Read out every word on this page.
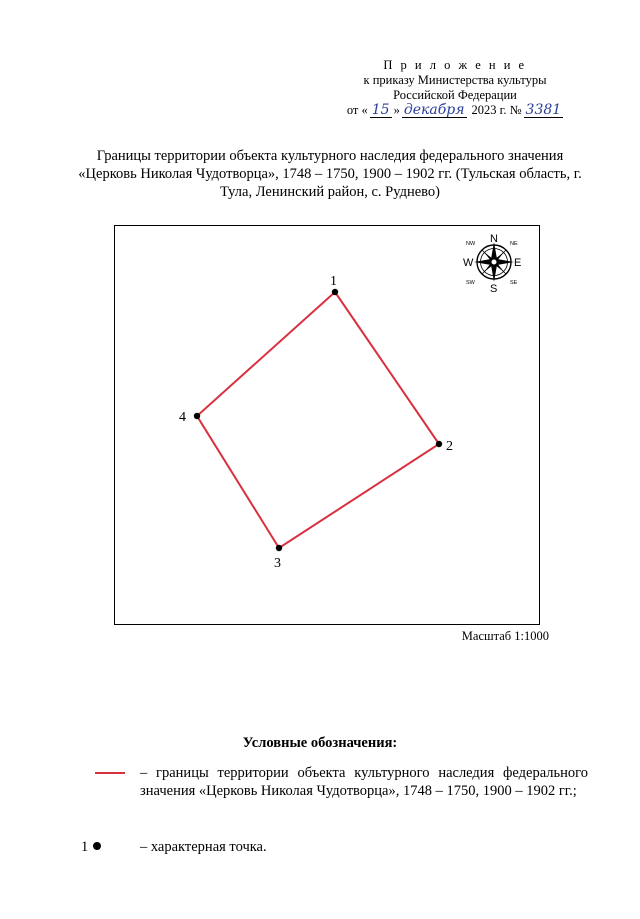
П р и л о ж е н и е
к приказу Министерства культуры
Российской Федерации
от « 15 » декабря 2023 г. № 3381
Границы территории объекта культурного наследия федерального значения «Церковь Николая Чудотворца», 1748 – 1750, 1900 – 1902 гг. (Тульская область, г. Тула, Ленинский район, с. Руднево)
1
2
3
4
N
S
E
W
NW	NE
SW	SE
Масштаб 1:1000
Условные обозначения:
– границы территории объекта культурного наследия федерального значения «Церковь Николая Чудотворца», 1748 – 1750, 1900 – 1902 гг.;
1	– характерная точка.
